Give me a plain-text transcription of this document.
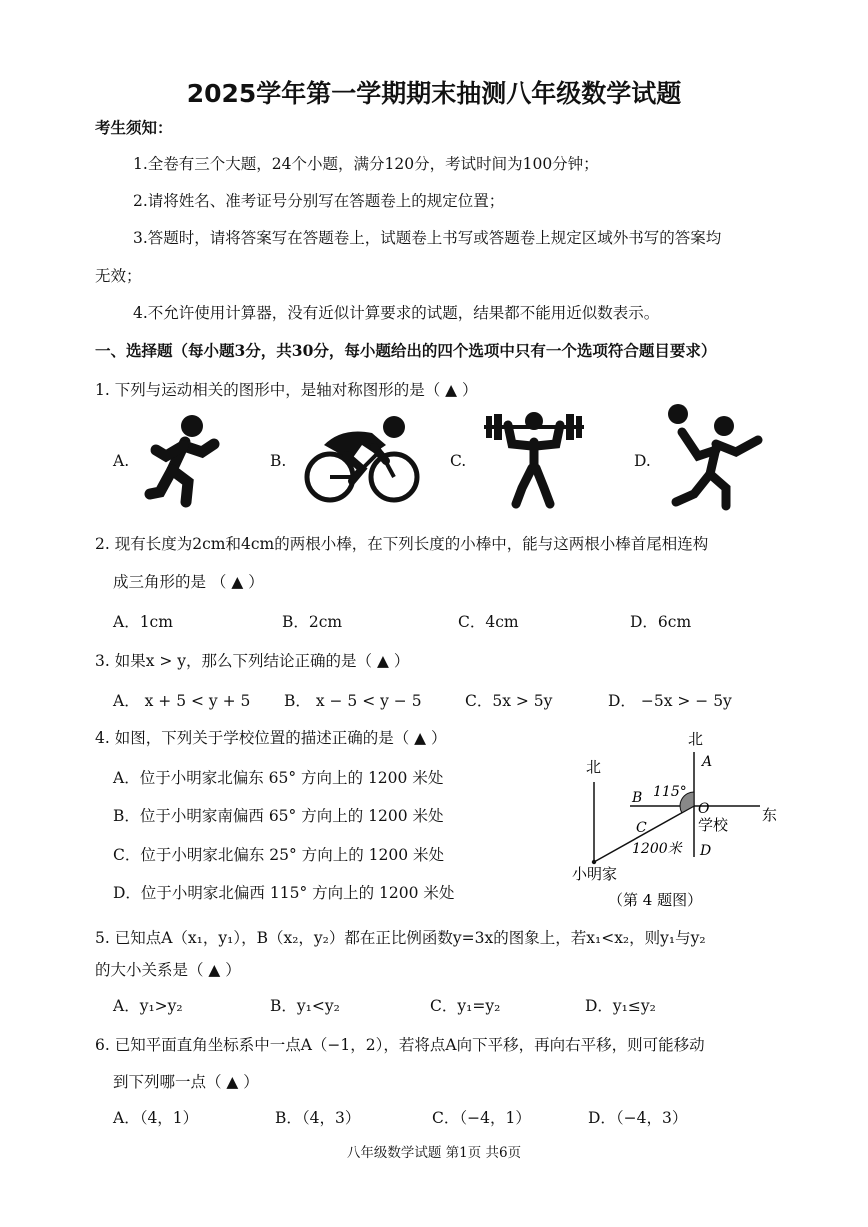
2025学年第一学期期末抽测八年级数学试题
考生须知：
1.全卷有三个大题，24个小题，满分120分，考试时间为100分钟；
2.请将姓名、准考证号分别写在答题卷上的规定位置；
3.答题时，请将答案写在答题卷上，试题卷上书写或答题卷上规定区域外书写的答案均
无效；
4.不允许使用计算器，没有近似计算要求的试题，结果都不能用近似数表示。
一、选择题（每小题3分，共30分，每小题给出的四个选项中只有一个选项符合题目要求）
1. 下列与运动相关的图形中，是轴对称图形的是（ ▲ ）
A.	B.	C.	D.
2. 现有长度为2cm和4cm的两根小棒，在下列长度的小棒中，能与这两根小棒首尾相连构
成三角形的是 （ ▲ ）
A．1cm	B．2cm	C．4cm	D．6cm
3. 如果x > y，那么下列结论正确的是（ ▲ ）
A． x + 5 < y + 5 B． x − 5 < y − 5	C．5x > 5y	D． −5x > − 5y
4. 如图，下列关于学校位置的描述正确的是（ ▲ ）
A．位于小明家北偏东 65° 方向上的 1200 米处
B．位于小明家南偏西 65° 方向上的 1200 米处
C．位于小明家北偏东 25° 方向上的 1200 米处
D．位于小明家北偏西 115° 方向上的 1200 米处
北
北
东
A
B
C
D
O
115°
学校
1200米
小明家
（第 4 题图）
5. 已知点A（x₁，y₁），B（x₂，y₂）都在正比例函数y=3x的图象上，若x₁<x₂，则y₁与y₂
的大小关系是（ ▲ ）
A．y₁>y₂	B．y₁<y₂	C．y₁=y₂	D．y₁≤y₂
6. 已知平面直角坐标系中一点A（−1，2），若将点A向下平移，再向右平移，则可能移动
到下列哪一点（ ▲ ）
A．（4，1）	B．（4，3）	C．（−4，1）	D．（−4，3）
八年级数学试题 第1页 共6页
